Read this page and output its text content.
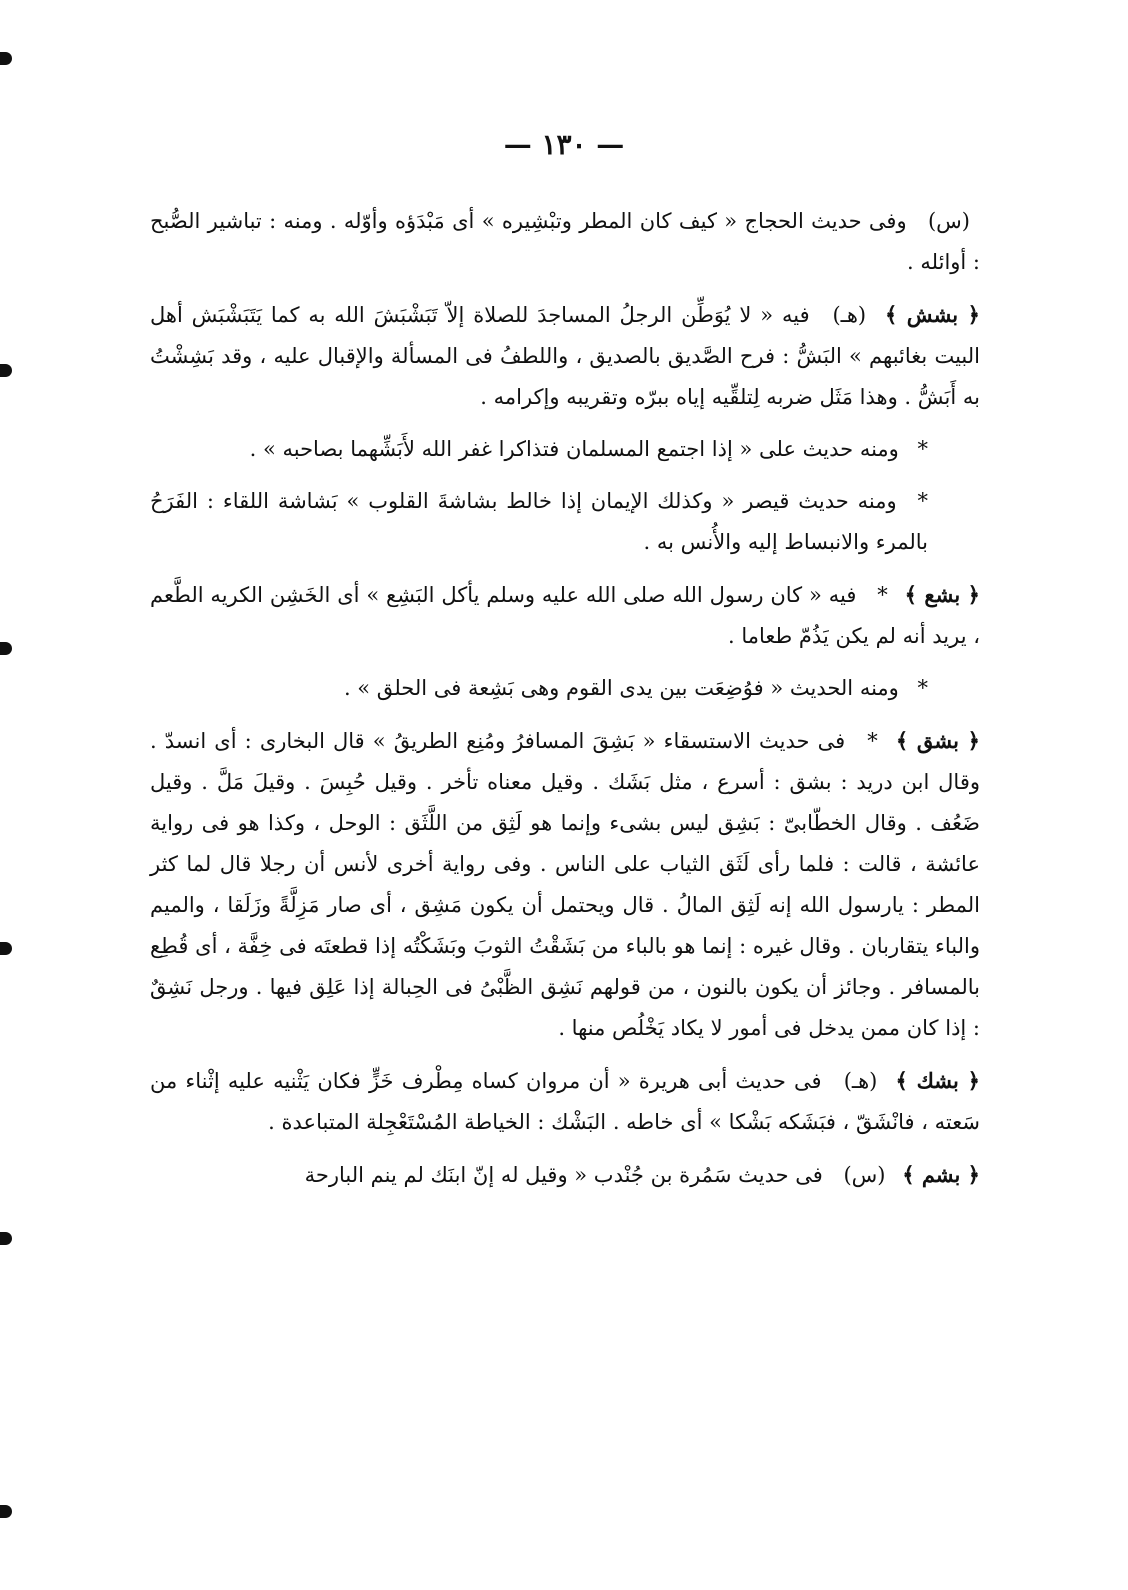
— ١٣٠ —

(س) وفى حديث الحجاج « كيف كان المطر وتبْشِيره » أى مَبْدَؤه وأوّله . ومنه : تباشير الصُّبح : أوائله .

﴿ بشش ﴾ (هـ) فيه « لا يُوَطِّن الرجلُ المساجدَ للصلاة إلاّ تَبَشْبَشَ الله به كما يَتَبَشْبَش أهل البيت بغائبهم » البَشُّ : فرح الصَّديق بالصديق ، واللطفُ فى المسألة والإقبال عليه ، وقد بَشِشْتُ به أَبَشُّ . وهذا مَثَل ضربه لِتلقِّيه إياه ببرّه وتقريبه وإكرامه .

* ومنه حديث على « إذا اجتمع المسلمان فتذاكرا غفر الله لأَبَشِّهما بصاحبه » .

* ومنه حديث قيصر « وكذلك الإيمان إذا خالط بشاشةَ القلوب » بَشاشة اللقاء : الفَرَحُ بالمرء والانبساط إليه والأُنس به .

﴿ بشع ﴾ * فيه « كان رسول الله صلى الله عليه وسلم يأكل البَشِع » أى الخَشِن الكريه الطَّعم ، يريد أنه لم يكن يَذُمّ طعاما .

* ومنه الحديث « فوُضِعَت بين يدى القوم وهى بَشِعة فى الحلق » .

﴿ بشق ﴾ * فى حديث الاستسقاء « بَشِقَ المسافرُ ومُنِع الطريقُ » قال البخارى : أى انسدّ . وقال ابن دريد : بشق : أسرع ، مثل بَشَك . وقيل معناه تأخر . وقيل حُبِسَ . وقيلَ مَلَّ . وقيل ضَعُف . وقال الخطّابىّ : بَشِق ليس بشىء وإنما هو لَثِق من اللَّثَق : الوحل ، وكذا هو فى رواية عائشة ، قالت : فلما رأى لَثَق الثياب على الناس . وفى رواية أخرى لأنس أن رجلا قال لما كثر المطر : يارسول الله إنه لَثِق المالُ . قال ويحتمل أن يكون مَشِق ، أى صار مَزِلَّةً وزَلَقا ، والميم والباء يتقاربان . وقال غيره : إنما هو بالباء من بَشَقْتُ الثوبَ وبَشَكْتُه إذا قطعتَه فى خِفَّة ، أى قُطِع بالمسافر . وجائز أن يكون بالنون ، من قولهم نَشِق الظَّبْىُ فى الحِبالة إذا عَلِق فيها . ورجل نَشِقٌ : إذا كان ممن يدخل فى أمور لا يكاد يَخْلُص منها .

﴿ بشك ﴾ (هـ) فى حديث أبى هريرة « أن مروان كساه مِطْرف خَزٍّ فكان يَثْنيه عليه إثْناء من سَعته ، فانْشَقّ ، فبَشَكه بَشْكا » أى خاطه . البَشْك : الخياطة المُسْتَعْجِلة المتباعدة .

﴿ بشم ﴾ (س) فى حديث سَمُرة بن جُنْدب « وقيل له إنّ ابنَك لم ينم البارحة
